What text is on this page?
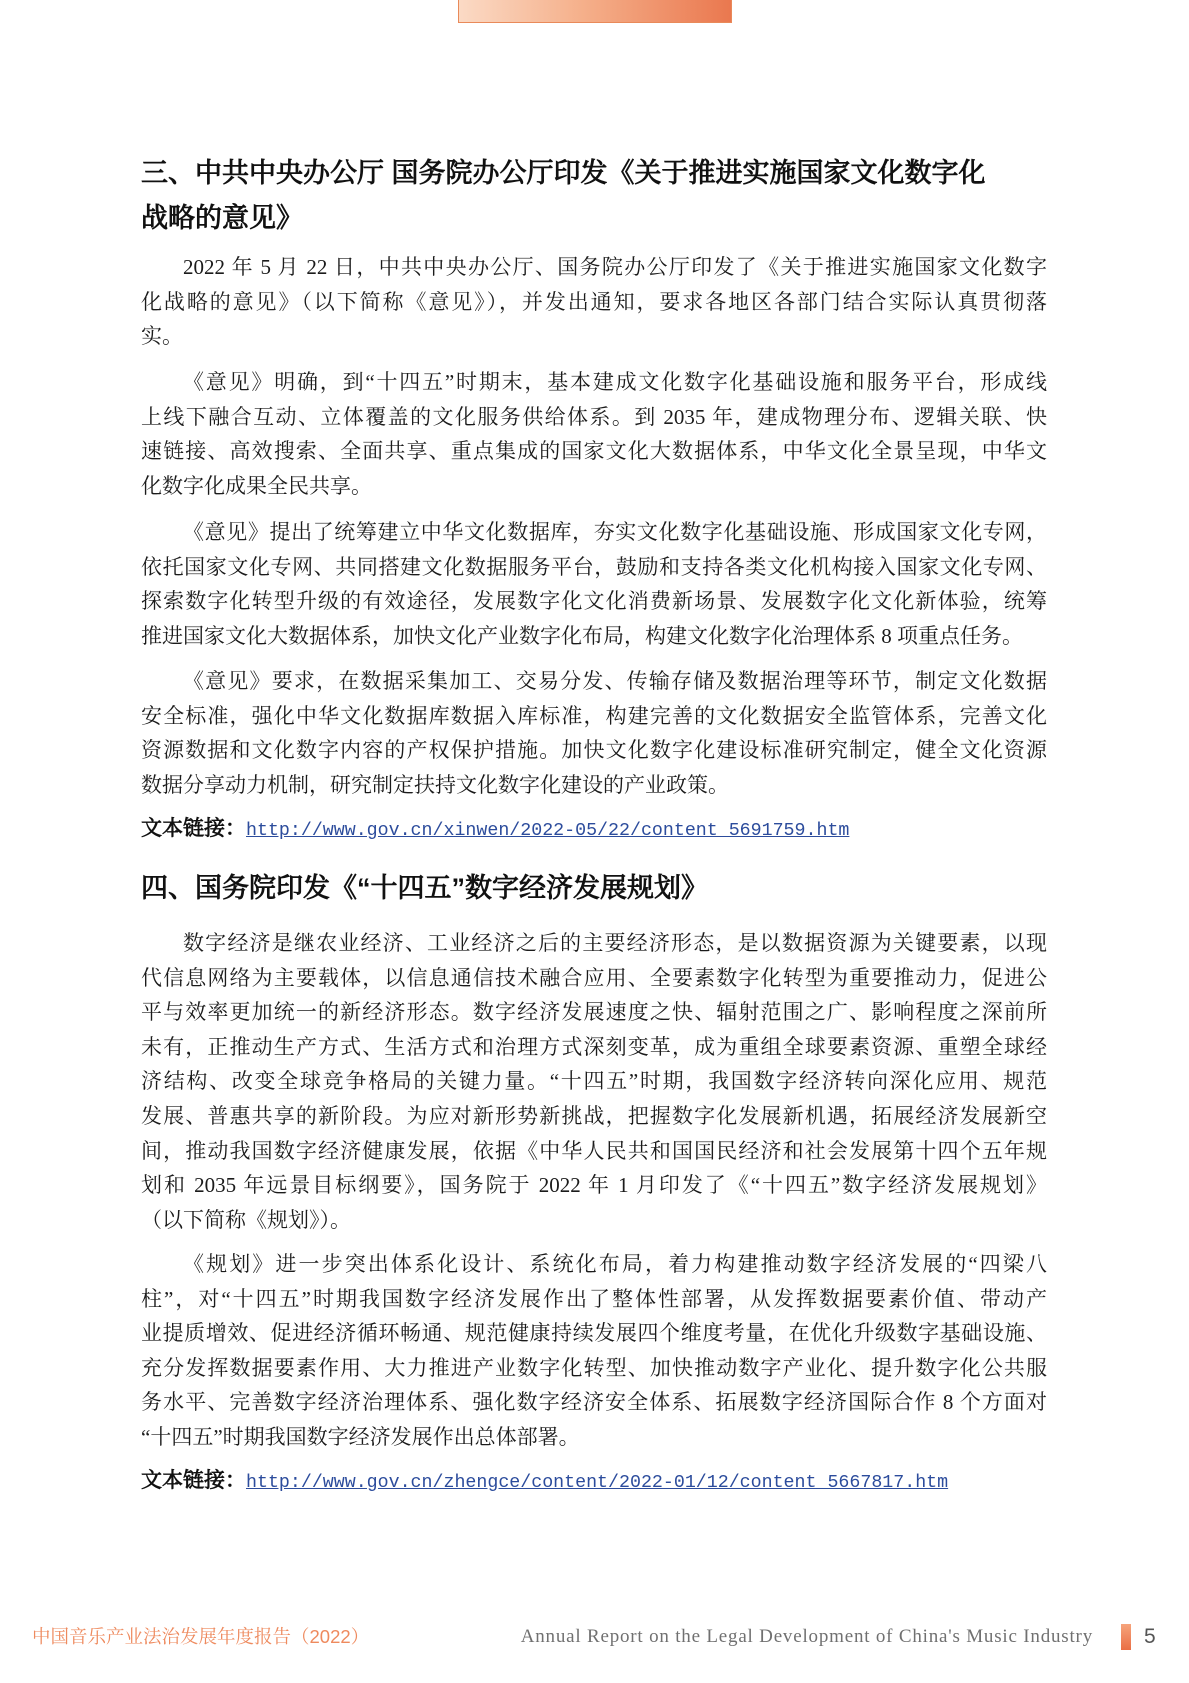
三、中共中央办公厅 国务院办公厅印发《关于推进实施国家文化数字化
战略的意见》
2022 年 5 月 22 日，中共中央办公厅、国务院办公厅印发了《关于推进实施国家文化数字
化战略的意见》（以下简称《意见》），并发出通知，要求各地区各部门结合实际认真贯彻落
实。
《意见》明确，到“十四五”时期末，基本建成文化数字化基础设施和服务平台，形成线
上线下融合互动、立体覆盖的文化服务供给体系。到 2035 年，建成物理分布、逻辑关联、快
速链接、高效搜索、全面共享、重点集成的国家文化大数据体系，中华文化全景呈现，中华文
化数字化成果全民共享。
《意见》提出了统筹建立中华文化数据库，夯实文化数字化基础设施、形成国家文化专网，
依托国家文化专网、共同搭建文化数据服务平台，鼓励和支持各类文化机构接入国家文化专网、
探索数字化转型升级的有效途径，发展数字化文化消费新场景、发展数字化文化新体验，统筹
推进国家文化大数据体系，加快文化产业数字化布局，构建文化数字化治理体系 8 项重点任务。
《意见》要求，在数据采集加工、交易分发、传输存储及数据治理等环节，制定文化数据
安全标准，强化中华文化数据库数据入库标准，构建完善的文化数据安全监管体系，完善文化
资源数据和文化数字内容的产权保护措施。加快文化数字化建设标准研究制定，健全文化资源
数据分享动力机制，研究制定扶持文化数字化建设的产业政策。
文本链接：http://www.gov.cn/xinwen/2022-05/22/content_5691759.htm
四、国务院印发《“十四五”数字经济发展规划》
数字经济是继农业经济、工业经济之后的主要经济形态，是以数据资源为关键要素，以现
代信息网络为主要载体，以信息通信技术融合应用、全要素数字化转型为重要推动力，促进公
平与效率更加统一的新经济形态。数字经济发展速度之快、辐射范围之广、影响程度之深前所
未有，正推动生产方式、生活方式和治理方式深刻变革，成为重组全球要素资源、重塑全球经
济结构、改变全球竞争格局的关键力量。“十四五”时期，我国数字经济转向深化应用、规范
发展、普惠共享的新阶段。为应对新形势新挑战，把握数字化发展新机遇，拓展经济发展新空
间，推动我国数字经济健康发展，依据《中华人民共和国国民经济和社会发展第十四个五年规
划和 2035 年远景目标纲要》，国务院于 2022 年 1 月印发了《“十四五”数字经济发展规划》
（以下简称《规划》）。
《规划》进一步突出体系化设计、系统化布局，着力构建推动数字经济发展的“四梁八
柱”，对“十四五”时期我国数字经济发展作出了整体性部署，从发挥数据要素价值、带动产
业提质增效、促进经济循环畅通、规范健康持续发展四个维度考量，在优化升级数字基础设施、
充分发挥数据要素作用、大力推进产业数字化转型、加快推动数字产业化、提升数字化公共服
务水平、完善数字经济治理体系、强化数字经济安全体系、拓展数字经济国际合作 8 个方面对
“十四五”时期我国数字经济发展作出总体部署。
文本链接：http://www.gov.cn/zhengce/content/2022-01/12/content_5667817.htm
中国音乐产业法治发展年度报告（2022）	Annual Report on the Legal Development of China's Music Industry 5
